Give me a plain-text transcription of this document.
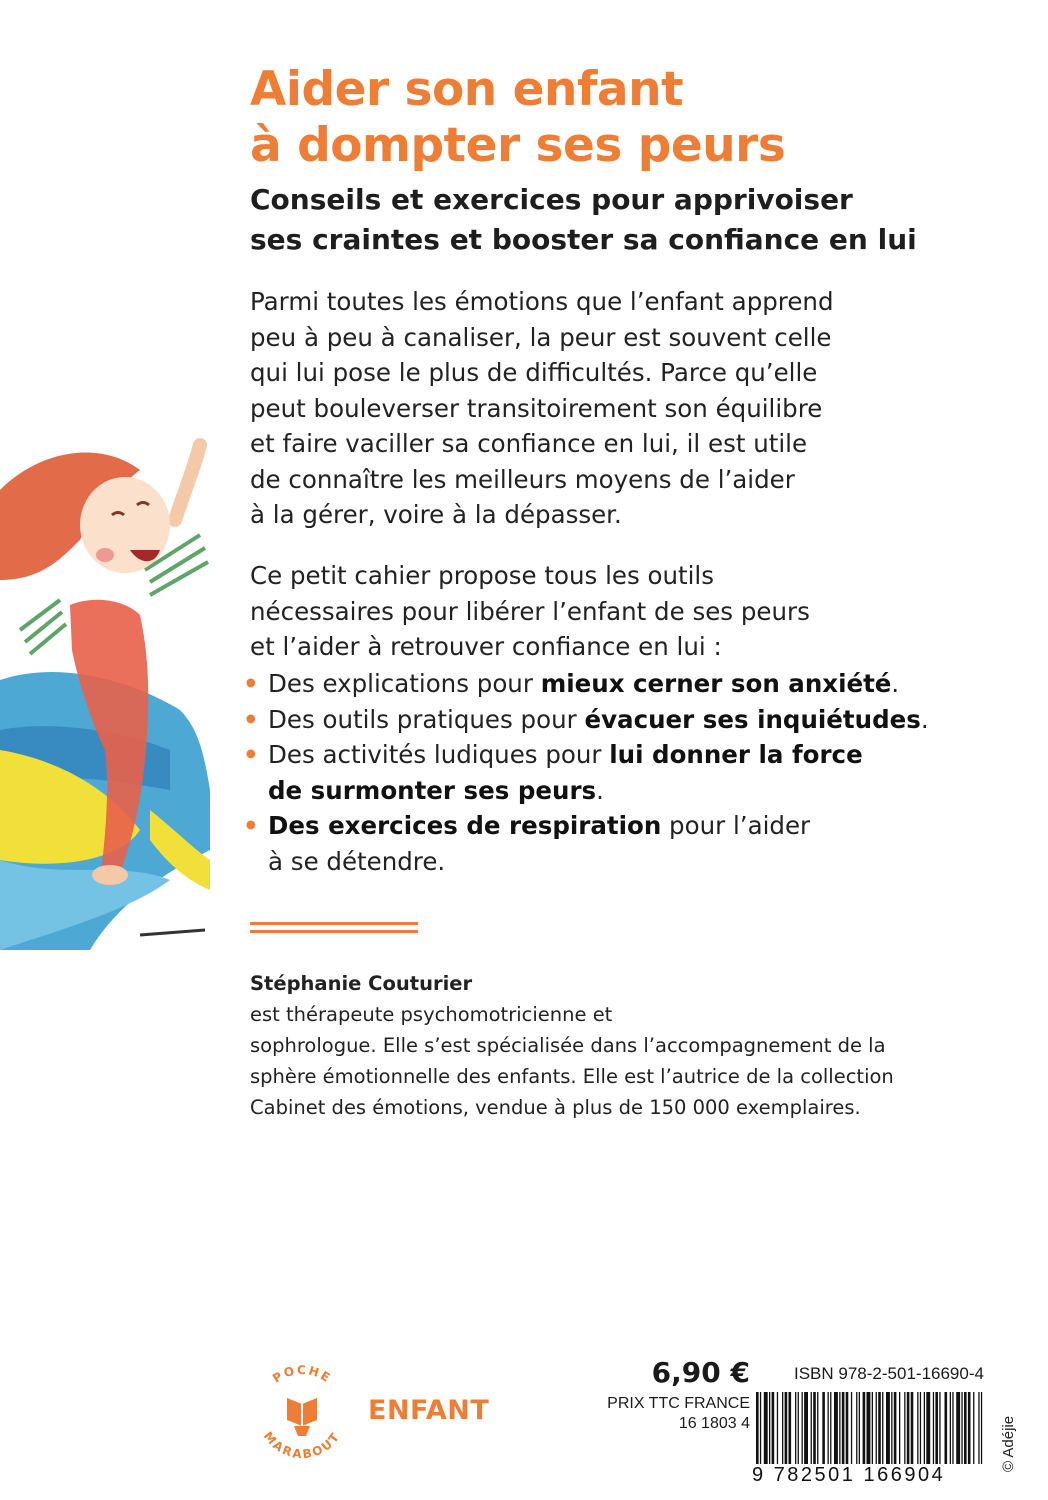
Aider son enfant
à dompter ses peurs
Conseils et exercices pour apprivoiser
ses craintes et booster sa confiance en lui

Parmi toutes les émotions que l’enfant apprend
peu à peu à canaliser, la peur est souvent celle
qui lui pose le plus de difficultés. Parce qu’elle
peut bouleverser transitoirement son équilibre
et faire vaciller sa confiance en lui, il est utile
de connaître les meilleurs moyens de l’aider
à la gérer, voire à la dépasser.

Ce petit cahier propose tous les outils
nécessaires pour libérer l’enfant de ses peurs
et l’aider à retrouver confiance en lui :

• Des explications pour mieux cerner son anxiété.
• Des outils pratiques pour évacuer ses inquiétudes.
• Des activités ludiques pour lui donner la force
de surmonter ses peurs.
• Des exercices de respiration pour l’aider
à se détendre.

Stéphanie Couturier
est thérapeute psychomotricienne et
sophrologue. Elle s’est spécialisée dans l’accompagnement de la
sphère émotionnelle des enfants. Elle est l’autrice de la collection
Cabinet des émotions, vendue à plus de 150 000 exemplaires.

POCHE
MARABOUT

ENFANT

6,90 €
PRIX TTC FRANCE
16 1803 4

ISBN 978-2-501-16690-4

9 782501 166904

© Adéjie
